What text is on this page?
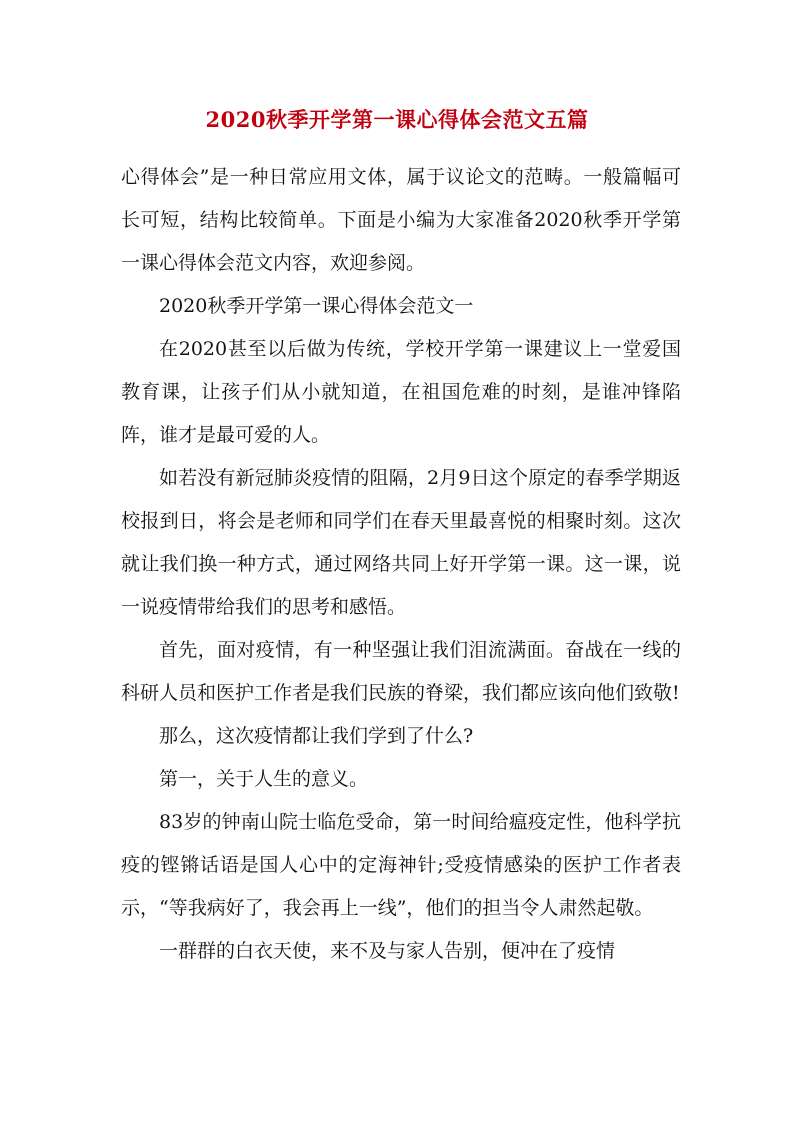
2020秋季开学第一课心得体会范文五篇

心得体会”是一种日常应用文体，属于议论文的范畴。一般篇幅可长可短，结构比较简单。下面是小编为大家准备2020秋季开学第一课心得体会范文内容，欢迎参阅。

2020秋季开学第一课心得体会范文一

在2020甚至以后做为传统，学校开学第一课建议上一堂爱国教育课，让孩子们从小就知道，在祖国危难的时刻，是谁冲锋陷阵，谁才是最可爱的人。

如若没有新冠肺炎疫情的阻隔，2月9日这个原定的春季学期返校报到日，将会是老师和同学们在春天里最喜悦的相聚时刻。这次就让我们换一种方式，通过网络共同上好开学第一课。这一课，说一说疫情带给我们的思考和感悟。

首先，面对疫情，有一种坚强让我们泪流满面。奋战在一线的科研人员和医护工作者是我们民族的脊梁，我们都应该向他们致敬!

那么，这次疫情都让我们学到了什么?

第一，关于人生的意义。

83岁的钟南山院士临危受命，第一时间给瘟疫定性，他科学抗疫的铿锵话语是国人心中的定海神针;受疫情感染的医护工作者表示，“等我病好了，我会再上一线”，他们的担当令人肃然起敬。

一群群的白衣天使，来不及与家人告别，便冲在了疫情
